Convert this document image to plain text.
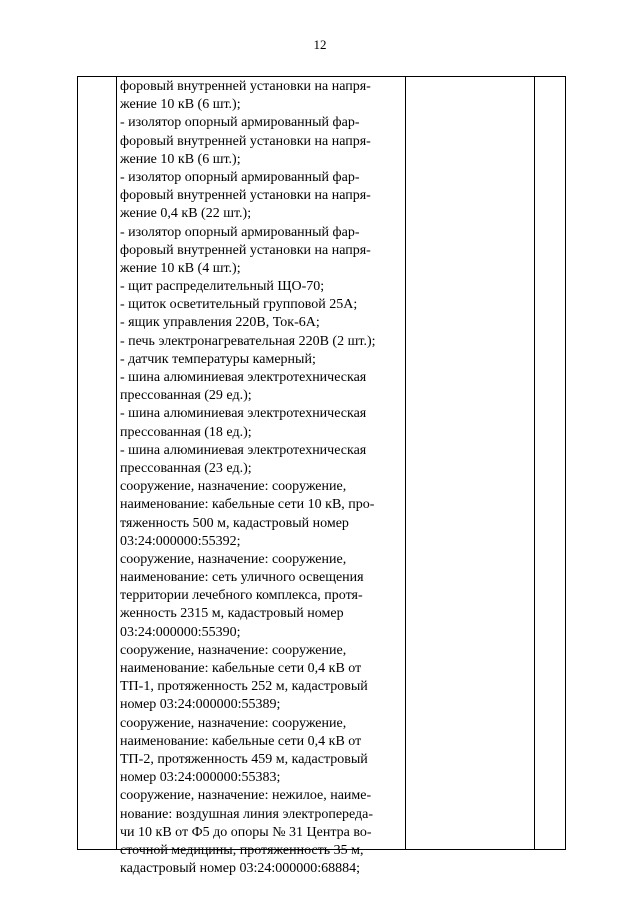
12
форовый внутренней установки на напря-
жение 10 кВ (6 шт.);
- изолятор опорный армированный фар-
форовый внутренней установки на напря-
жение 10 кВ (6 шт.);
- изолятор опорный армированный фар-
форовый внутренней установки на напря-
жение 0,4 кВ (22 шт.);
- изолятор опорный армированный фар-
форовый внутренней установки на напря-
жение 10 кВ (4 шт.);
- щит распределительный ЩО-70;
- щиток осветительный групповой 25А;
- ящик управления 220В, Ток-6А;
- печь электронагревательная 220В (2 шт.);
- датчик температуры камерный;
- шина алюминиевая электротехническая
прессованная (29 ед.);
- шина алюминиевая электротехническая
прессованная (18 ед.);
- шина алюминиевая электротехническая
прессованная (23 ед.);
сооружение, назначение: сооружение,
наименование: кабельные сети 10 кВ, про-
тяженность 500 м, кадастровый номер
03:24:000000:55392;
сооружение, назначение: сооружение,
наименование: сеть уличного освещения
территории лечебного комплекса, протя-
женность 2315 м, кадастровый номер
03:24:000000:55390;
сооружение, назначение: сооружение,
наименование: кабельные сети 0,4 кВ от
ТП-1, протяженность 252 м, кадастровый
номер 03:24:000000:55389;
сооружение, назначение: сооружение,
наименование: кабельные сети 0,4 кВ от
ТП-2, протяженность 459 м, кадастровый
номер 03:24:000000:55383;
сооружение, назначение: нежилое, наиме-
нование: воздушная линия электропереда-
чи 10 кВ от Ф5 до опоры № 31 Центра во-
сточной медицины, протяженность 35 м,
кадастровый номер 03:24:000000:68884;
